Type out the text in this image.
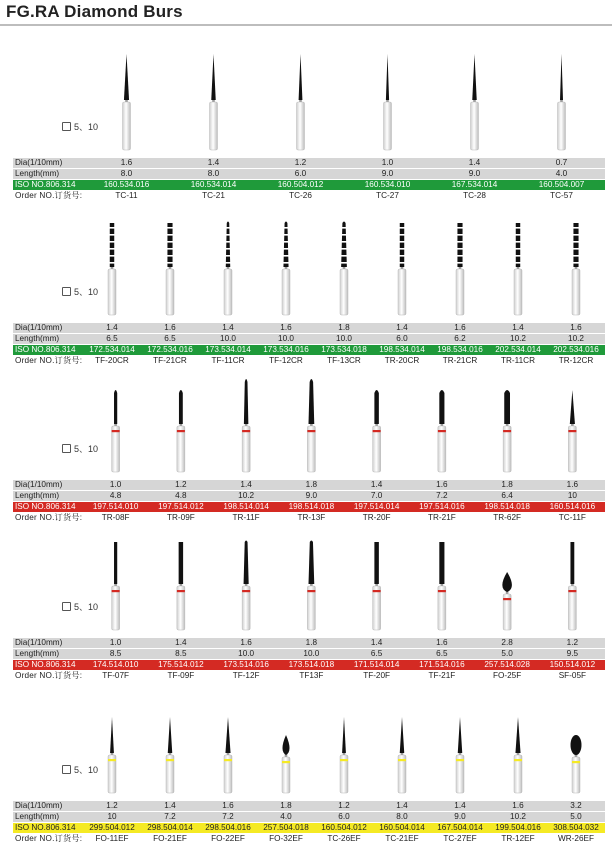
FG.RA Diamond Burs
5、10
Dia(1/10mm)	1.6	1.4	1.2	1.0	1.4	0.7
Length(mm)	8.0	8.0	6.0	9.0	9.0	4.0
ISO NO.806.314	160.534.016	160.534.014	160.504.012	160.534.010	167.534.014	160.504.007
Order NO.订货号:	TC-11	TC-21	TC-26	TC-27	TC-28	TC-57
5、10
Dia(1/10mm)	1.4	1.6	1.4	1.6	1.8	1.4	1.6	1.4	1.6
Length(mm)	6.5	6.5	10.0	10.0	10.0	6.0	6.2	10.2	10.2
ISO NO.806.314	172.534.014	172.534.016	173.534.014	173.534.016	173.534.018	198.534.014	198.534.016	202.534.014	202.534.016
Order NO.订货号:	TF-20CR	TF-21CR	TF-11CR	TF-12CR	TF-13CR	TR-20CR	TR-21CR	TR-11CR	TR-12CR
5、10
Dia(1/10mm)	1.0	1.2	1.4	1.8	1.4	1.6	1.8	1.6
Length(mm)	4.8	4.8	10.2	9.0	7.0	7.2	6.4	10
ISO NO.806.314	197.514.010	197.514.012	198.514.014	198.514.018	197.514.014	197.514.016	198.514.018	160.514.016
Order NO.订货号:	TR-08F	TR-09F	TR-11F	TR-13F	TR-20F	TR-21F	TR-62F	TC-11F
5、10
Dia(1/10mm)	1.0	1.4	1.6	1.8	1.4	1.6	2.8	1.2
Length(mm)	8.5	8.5	10.0	10.0	6.5	6.5	5.0	9.5
ISO NO.806.314	174.514.010	175.514.012	173.514.016	173.514.018	171.514.014	171.514.016	257.514.028	150.514.012
Order NO.订货号:	TF-07F	TF-09F	TF-12F	TF13F	TF-20F	TF-21F	FO-25F	SF-05F
5、10
Dia(1/10mm)	1.2	1.4	1.6	1.8	1.2	1.4	1.4	1.6	3.2
Length(mm)	10	7.2	7.2	4.0	6.0	8.0	9.0	10.2	5.0
ISO NO.806.314	299.504.012	298.504.014	298.504.016	257.504.018	160.504.012	160.504.014	167.504.014	199.504.016	308.504.032
Order NO.订货号:	FO-11EF	FO-21EF	FO-22EF	FO-32EF	TC-26EF	TC-21EF	TC-27EF	TR-12EF	WR-26EF
